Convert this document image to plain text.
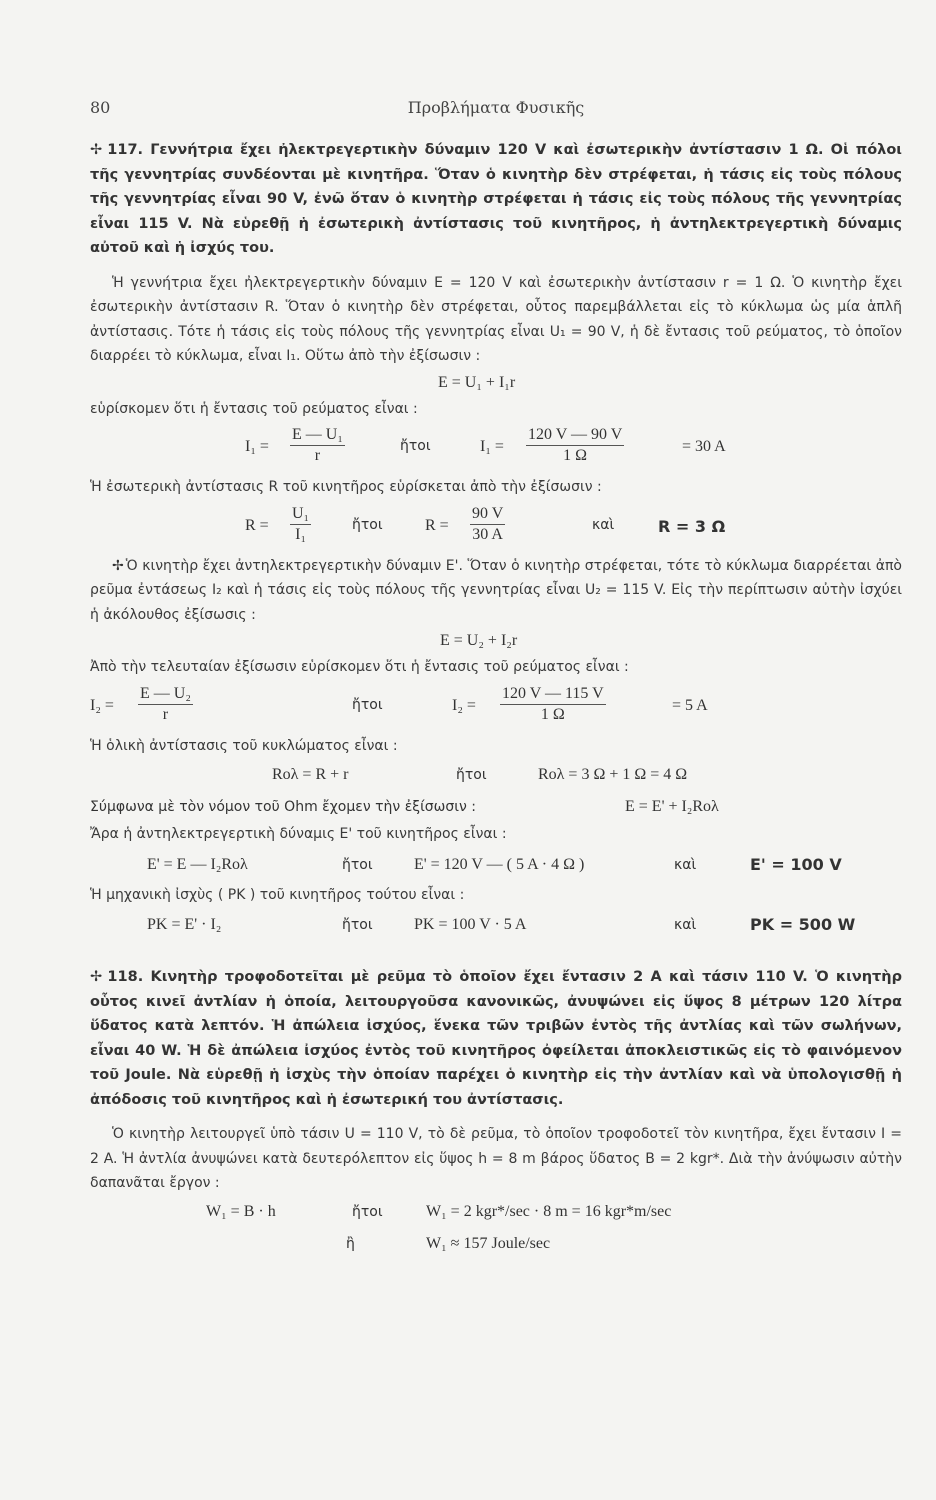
80	Προβλήματα Φυσικῆς
✢ 117. Γεννήτρια ἔχει ἠλεκτρεγερτικὴν δύναμιν 120 V καὶ ἐσωτερικὴν ἀντίστασιν 1 Ω. Οἱ πόλοι τῆς γεννητρίας συνδέονται μὲ κινητῆρα. Ὅταν ὁ κινητὴρ δὲν στρέφεται, ἡ τάσις εἰς τοὺς πόλους τῆς γεννητρίας εἶναι 90 V, ἐνῶ ὅταν ὁ κινητὴρ στρέφεται ἡ τάσις εἰς τοὺς πόλους τῆς γεννητρίας εἶναι 115 V. Νὰ εὑρεθῇ ἡ ἐσωτερικὴ ἀντίστασις τοῦ κινητῆρος, ἡ ἀντηλεκτρεγερτικὴ δύναμις αὐτοῦ καὶ ἡ ἰσχύς του.
Ἡ γεννήτρια ἔχει ἠλεκτρεγερτικὴν δύναμιν E = 120 V καὶ ἐσωτερικὴν ἀντίστασιν r = 1 Ω. Ὁ κινητὴρ ἔχει ἐσωτερικὴν ἀντίστασιν R. Ὅταν ὁ κινητὴρ δὲν στρέφεται, οὗτος παρεμβάλλεται εἰς τὸ κύκλωμα ὡς μία ἁπλῆ ἀντίστασις. Τότε ἡ τάσις εἰς τοὺς πόλους τῆς γεννητρίας εἶναι U₁ = 90 V, ἡ δὲ ἔντασις τοῦ ρεύματος, τὸ ὁποῖον διαρρέει τὸ κύκλωμα, εἶναι I₁. Οὕτω ἀπὸ τὴν ἐξίσωσιν :
E = U₁ + I₁r
εὑρίσκομεν ὅτι ἡ ἔντασις τοῦ ρεύματος εἶναι :
$I_1 = \frac{\text{E — U₁}}{r}$	ἤτοι	$I_1 = \frac{120 V — 90 V}{1 \Omega}$	= 30 A
Ἡ ἐσωτερικὴ ἀντίστασις R τοῦ κινητῆρος εὑρίσκεται ἀπὸ τὴν ἐξίσωσιν :
$R = \frac{\text{U₁}}{\text{I₁}}$	ἤτοι	$R = \frac{90 V}{30 A}$	καὶ	R = 3 Ω
✢ Ὁ κινητὴρ ἔχει ἀντηλεκτρεγερτικὴν δύναμιν E'. Ὅταν ὁ κινητὴρ στρέφεται, τότε τὸ κύκλωμα διαρρέεται ἀπὸ ρεῦμα ἐντάσεως I₂ καὶ ἡ τάσις εἰς τοὺς πόλους τῆς γεννητρίας εἶναι U₂ = 115 V. Εἰς τὴν περίπτωσιν αὐτὴν ἰσχύει ἡ ἀκόλουθος ἐξίσωσις :
E = U₂ + I₂r
Ἀπὸ τὴν τελευταίαν ἐξίσωσιν εὑρίσκομεν ὅτι ἡ ἔντασις τοῦ ρεύματος εἶναι :
$I_2 = \frac{\text{E — U₂}}{r}$	ἤτοι	$I_2 = \frac{120 V — 115 V}{1 \Omega}$	= 5 A
Ἡ ὁλικὴ ἀντίστασις τοῦ κυκλώματος εἶναι :
Rολ = R + r	ἤτοι	Rολ = 3 Ω + 1 Ω = 4 Ω
Σύμφωνα μὲ τὸν νόμον τοῦ Ohm ἔχομεν τὴν ἐξίσωσιν :	E = E' + I₂Rολ
Ἄρα ἡ ἀντηλεκτρεγερτικὴ δύναμις E' τοῦ κινητῆρος εἶναι :
E' = E — I₂Rολ	ἤτοι	E' = 120 V — ( 5 A · 4 Ω )	καὶ	E' = 100 V
Ἡ μηχανικὴ ἰσχὺς ( PK ) τοῦ κινητῆρος τούτου εἶναι :
PK = E' · I₂	ἤτοι	PK = 100 V · 5 A	καὶ	PK = 500 W
✢ 118. Κινητὴρ τροφοδοτεῖται μὲ ρεῦμα τὸ ὁποῖον ἔχει ἔντασιν 2 A καὶ τάσιν 110 V. Ὁ κινητὴρ οὗτος κινεῖ ἀντλίαν ἡ ὁποία, λειτουργοῦσα κανονικῶς, ἀνυψώνει εἰς ὕψος 8 μέτρων 120 λίτρα ὕδατος κατὰ λεπτόν. Ἡ ἀπώλεια ἰσχύος, ἕνεκα τῶν τριβῶν ἐντὸς τῆς ἀντλίας καὶ τῶν σωλήνων, εἶναι 40 W. Ἡ δὲ ἀπώλεια ἰσχύος ἐντὸς τοῦ κινητῆρος ὀφείλεται ἀποκλειστικῶς εἰς τὸ φαινόμενον τοῦ Joule. Νὰ εὑρεθῇ ἡ ἰσχὺς τὴν ὁποίαν παρέχει ὁ κινητὴρ εἰς τὴν ἀντλίαν καὶ νὰ ὑπολογισθῇ ἡ ἀπόδοσις τοῦ κινητῆρος καὶ ἡ ἐσωτερική του ἀντίστασις.
Ὁ κινητὴρ λειτουργεῖ ὑπὸ τάσιν U = 110 V, τὸ δὲ ρεῦμα, τὸ ὁποῖον τροφοδοτεῖ τὸν κινητῆρα, ἔχει ἔντασιν I = 2 A. Ἡ ἀντλία ἀνυψώνει κατὰ δευτερόλεπτον εἰς ὕψος h = 8 m βάρος ὕδατος B = 2 kgr*. Διὰ τὴν ἀνύψωσιν αὐτὴν δαπανᾶται ἔργον :
W₁ = B · h	ἤτοι	W₁ = 2 kgr*/sec · 8 m = 16 kgr*m/sec
ἢ	W₁ ≈ 157 Joule/sec
